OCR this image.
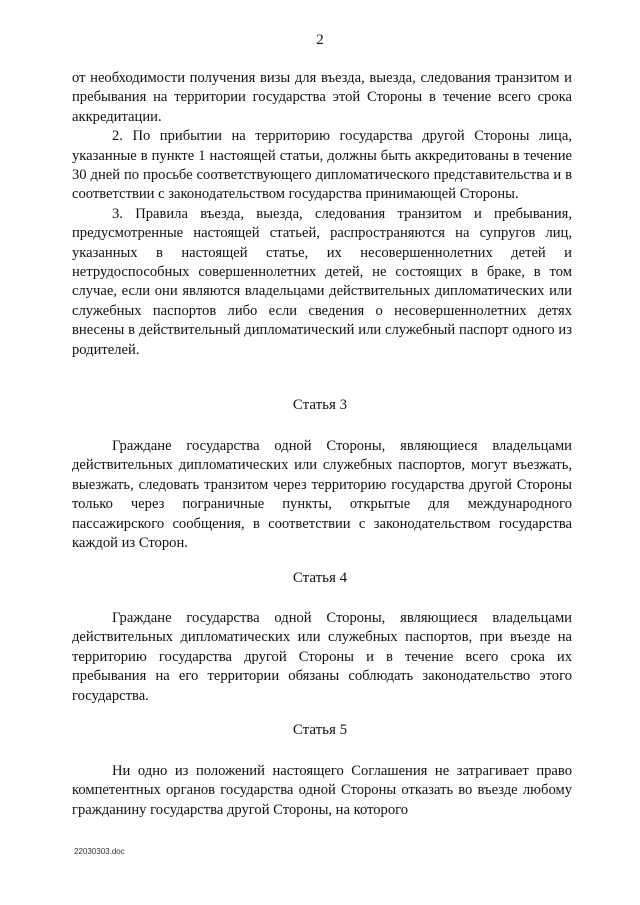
2

от необходимости получения визы для въезда, выезда, следования транзитом и пребывания на территории государства этой Стороны в течение всего срока аккредитации.

2. По прибытии на территорию государства другой Стороны лица, указанные в пункте 1 настоящей статьи, должны быть аккредитованы в течение 30 дней по просьбе соответствующего дипломатического представительства и в соответствии с законодательством государства принимающей Стороны.

3. Правила въезда, выезда, следования транзитом и пребывания, предусмотренные настоящей статьей, распространяются на супругов лиц, указанных в настоящей статье, их несовершеннолетних детей и нетрудоспособных совершеннолетних детей, не состоящих в браке, в том случае, если они являются владельцами действительных дипломатических или служебных паспортов либо если сведения о несовершеннолетних детях внесены в действительный дипломатический или служебный паспорт одного из родителей.

Статья 3

Граждане государства одной Стороны, являющиеся владельцами действительных дипломатических или служебных паспортов, могут въезжать, выезжать, следовать транзитом через территорию государства другой Стороны только через пограничные пункты, открытые для международного пассажирского сообщения, в соответствии с законодательством государства каждой из Сторон.

Статья 4

Граждане государства одной Стороны, являющиеся владельцами действительных дипломатических или служебных паспортов, при въезде на территорию государства другой Стороны и в течение всего срока их пребывания на его территории обязаны соблюдать законодательство этого государства.

Статья 5

Ни одно из положений настоящего Соглашения не затрагивает право компетентных органов государства одной Стороны отказать во въезде любому гражданину государства другой Стороны, на которого

22030303.doc
